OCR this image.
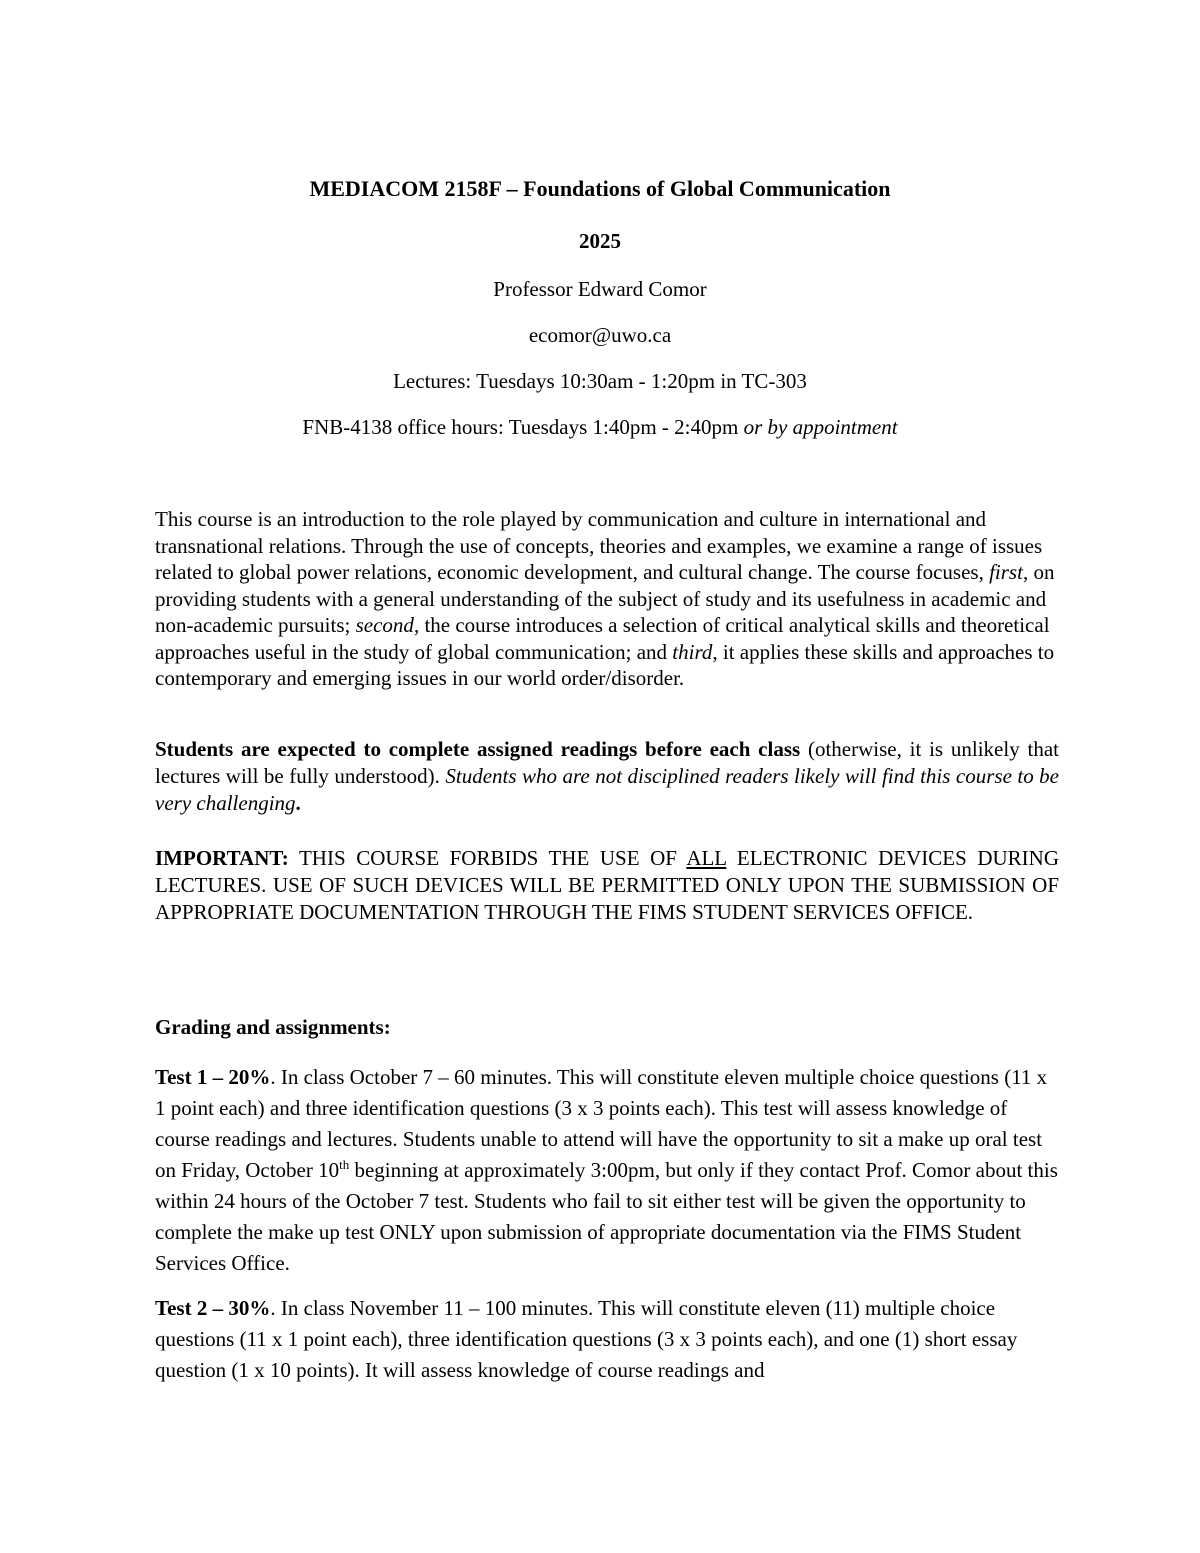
MEDIACOM 2158F – Foundations of Global Communication
2025
Professor Edward Comor
ecomor@uwo.ca
Lectures: Tuesdays 10:30am - 1:20pm in TC-303
FNB-4138 office hours: Tuesdays 1:40pm - 2:40pm or by appointment

This course is an introduction to the role played by communication and culture in international and transnational relations. Through the use of concepts, theories and examples, we examine a range of issues related to global power relations, economic development, and cultural change. The course focuses, first, on providing students with a general understanding of the subject of study and its usefulness in academic and non-academic pursuits; second, the course introduces a selection of critical analytical skills and theoretical approaches useful in the study of global communication; and third, it applies these skills and approaches to contemporary and emerging issues in our world order/disorder.

Students are expected to complete assigned readings before each class (otherwise, it is unlikely that lectures will be fully understood). Students who are not disciplined readers likely will find this course to be very challenging.

IMPORTANT: THIS COURSE FORBIDS THE USE OF ALL ELECTRONIC DEVICES DURING LECTURES. USE OF SUCH DEVICES WILL BE PERMITTED ONLY UPON THE SUBMISSION OF APPROPRIATE DOCUMENTATION THROUGH THE FIMS STUDENT SERVICES OFFICE.

Grading and assignments:

Test 1 – 20%. In class October 7 – 60 minutes. This will constitute eleven multiple choice questions (11 x 1 point each) and three identification questions (3 x 3 points each). This test will assess knowledge of course readings and lectures. Students unable to attend will have the opportunity to sit a make up oral test on Friday, October 10th beginning at approximately 3:00pm, but only if they contact Prof. Comor about this within 24 hours of the October 7 test. Students who fail to sit either test will be given the opportunity to complete the make up test ONLY upon submission of appropriate documentation via the FIMS Student Services Office.

Test 2 – 30%. In class November 11 – 100 minutes. This will constitute eleven (11) multiple choice questions (11 x 1 point each), three identification questions (3 x 3 points each), and one (1) short essay question (1 x 10 points). It will assess knowledge of course readings and
